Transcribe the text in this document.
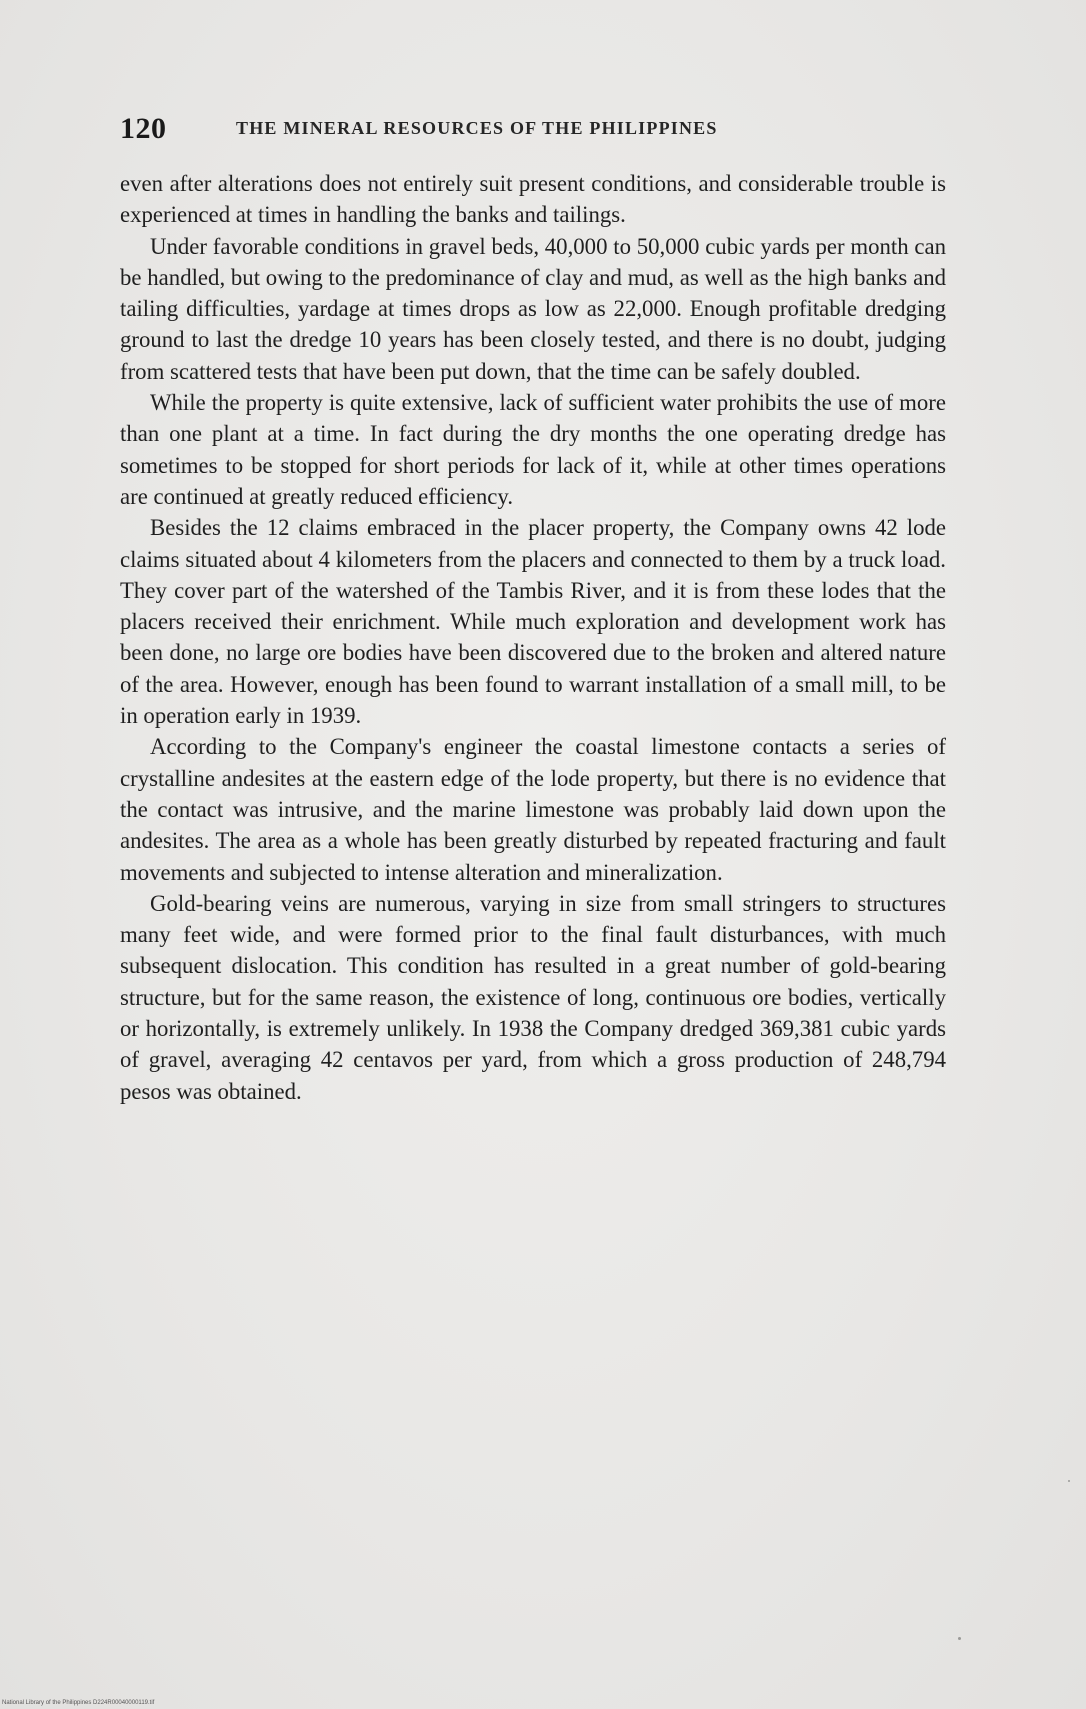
120	THE MINERAL RESOURCES OF THE PHILIPPINES

even after alterations does not entirely suit present conditions, and considerable trouble is experienced at times in handling the banks and tailings.

Under favorable conditions in gravel beds, 40,000 to 50,000 cubic yards per month can be handled, but owing to the predominance of clay and mud, as well as the high banks and tailing difficulties, yardage at times drops as low as 22,000. Enough profitable dredging ground to last the dredge 10 years has been closely tested, and there is no doubt, judging from scattered tests that have been put down, that the time can be safely doubled.

While the property is quite extensive, lack of sufficient water prohibits the use of more than one plant at a time. In fact during the dry months the one operating dredge has sometimes to be stopped for short periods for lack of it, while at other times operations are continued at greatly reduced efficiency.

Besides the 12 claims embraced in the placer property, the Company owns 42 lode claims situated about 4 kilometers from the placers and connected to them by a truck load. They cover part of the watershed of the Tambis River, and it is from these lodes that the placers received their enrichment. While much exploration and development work has been done, no large ore bodies have been discovered due to the broken and altered nature of the area. However, enough has been found to warrant installation of a small mill, to be in operation early in 1939.

According to the Company's engineer the coastal limestone contacts a series of crystalline andesites at the eastern edge of the lode property, but there is no evidence that the contact was intrusive, and the marine limestone was probably laid down upon the andesites. The area as a whole has been greatly disturbed by repeated fracturing and fault movements and subjected to intense alteration and mineralization.

Gold-bearing veins are numerous, varying in size from small stringers to structures many feet wide, and were formed prior to the final fault disturbances, with much subsequent dislocation. This condition has resulted in a great number of gold-bearing structure, but for the same reason, the existence of long, continuous ore bodies, vertically or horizontally, is extremely unlikely. In 1938 the Company dredged 369,381 cubic yards of gravel, averaging 42 centavos per yard, from which a gross production of 248,794 pesos was obtained.

National Library of the Philippines D224R00040000119.tif
